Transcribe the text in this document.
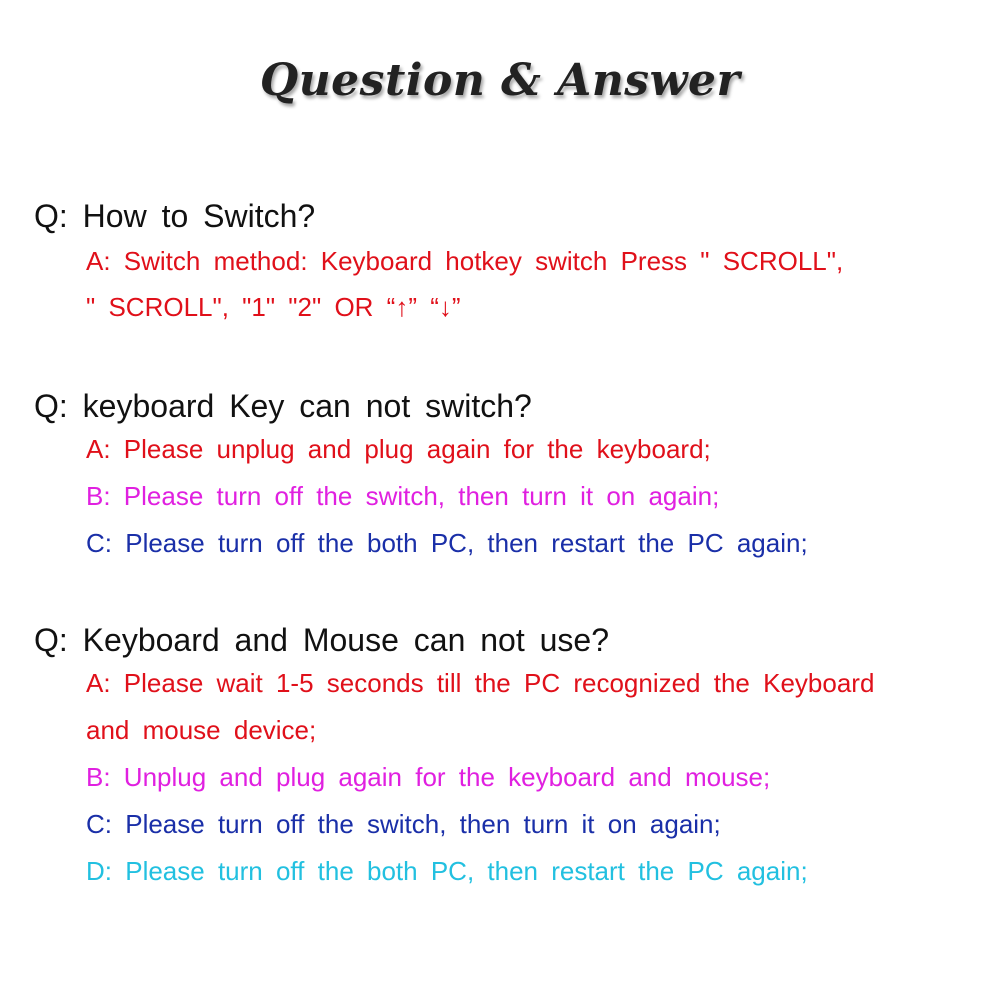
Question & Answer
Q: How to Switch?
A: Switch method: Keyboard hotkey switch Press " SCROLL",
" SCROLL", "1" "2" OR “↑” “↓”
Q: keyboard Key can not switch?
A: Please unplug and plug again for the keyboard;
B: Please turn off the switch, then turn it on again;
C: Please turn off the both PC, then restart the PC again;
Q: Keyboard and Mouse can not use?
A: Please wait 1-5 seconds till the PC recognized the Keyboard
and mouse device;
B: Unplug and plug again for the keyboard and mouse;
C: Please turn off the switch, then turn it on again;
D: Please turn off the both PC, then restart the PC again;
